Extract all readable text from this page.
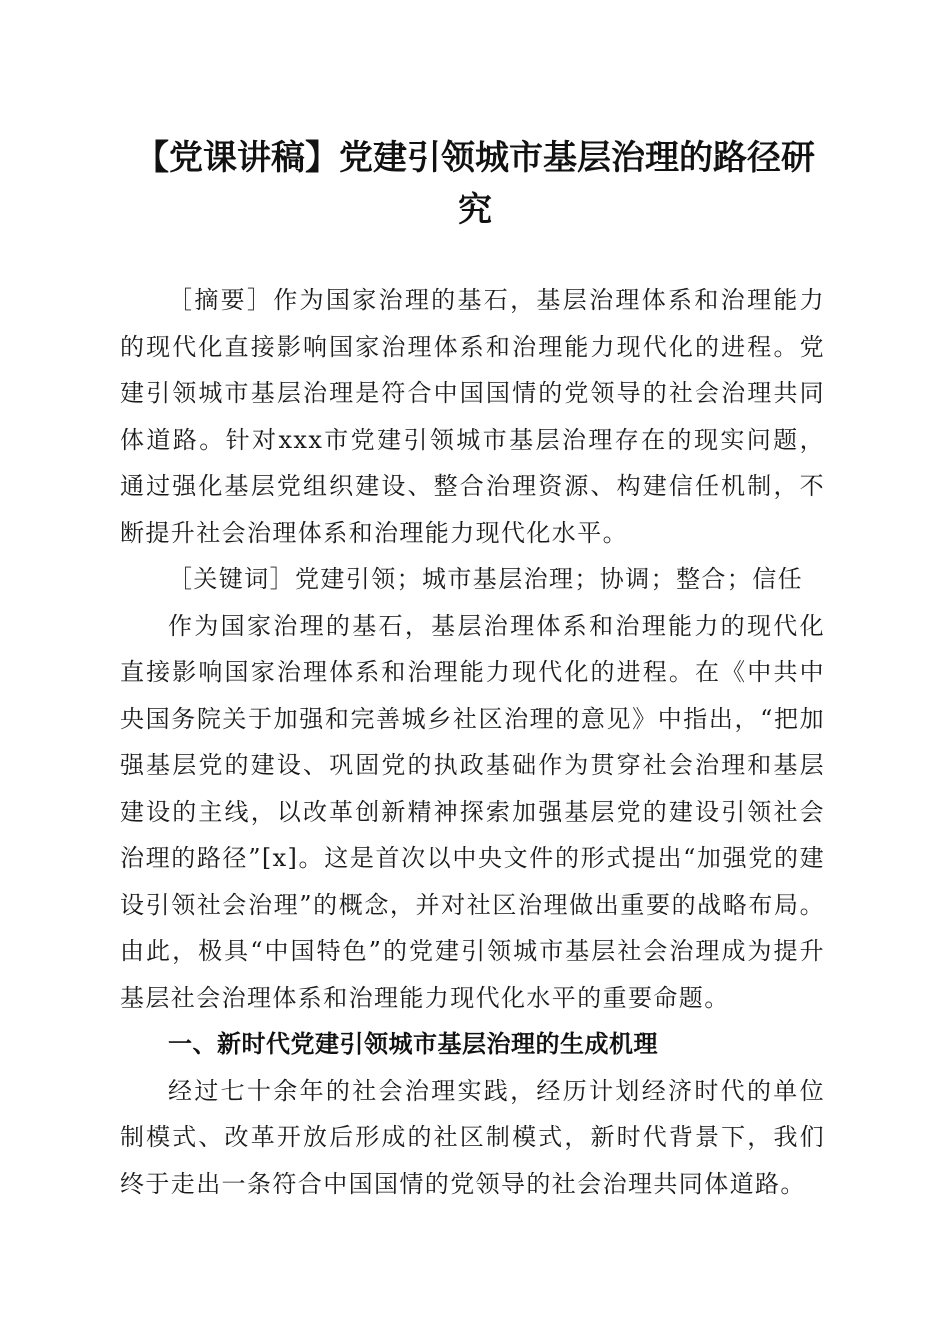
【党课讲稿】党建引领城市基层治理的路径研究

［摘要］作为国家治理的基石，基层治理体系和治理能力的现代化直接影响国家治理体系和治理能力现代化的进程。党建引领城市基层治理是符合中国国情的党领导的社会治理共同体道路。针对xxx市党建引领城市基层治理存在的现实问题，通过强化基层党组织建设、整合治理资源、构建信任机制，不断提升社会治理体系和治理能力现代化水平。

［关键词］党建引领；城市基层治理；协调；整合；信任

作为国家治理的基石，基层治理体系和治理能力的现代化直接影响国家治理体系和治理能力现代化的进程。在《中共中央国务院关于加强和完善城乡社区治理的意见》中指出，“把加强基层党的建设、巩固党的执政基础作为贯穿社会治理和基层建设的主线，以改革创新精神探索加强基层党的建设引领社会治理的路径”[x]。这是首次以中央文件的形式提出“加强党的建设引领社会治理”的概念，并对社区治理做出重要的战略布局。由此，极具“中国特色”的党建引领城市基层社会治理成为提升基层社会治理体系和治理能力现代化水平的重要命题。

一、新时代党建引领城市基层治理的生成机理

经过七十余年的社会治理实践，经历计划经济时代的单位制模式、改革开放后形成的社区制模式，新时代背景下，我们终于走出一条符合中国国情的党领导的社会治理共同体道路。
